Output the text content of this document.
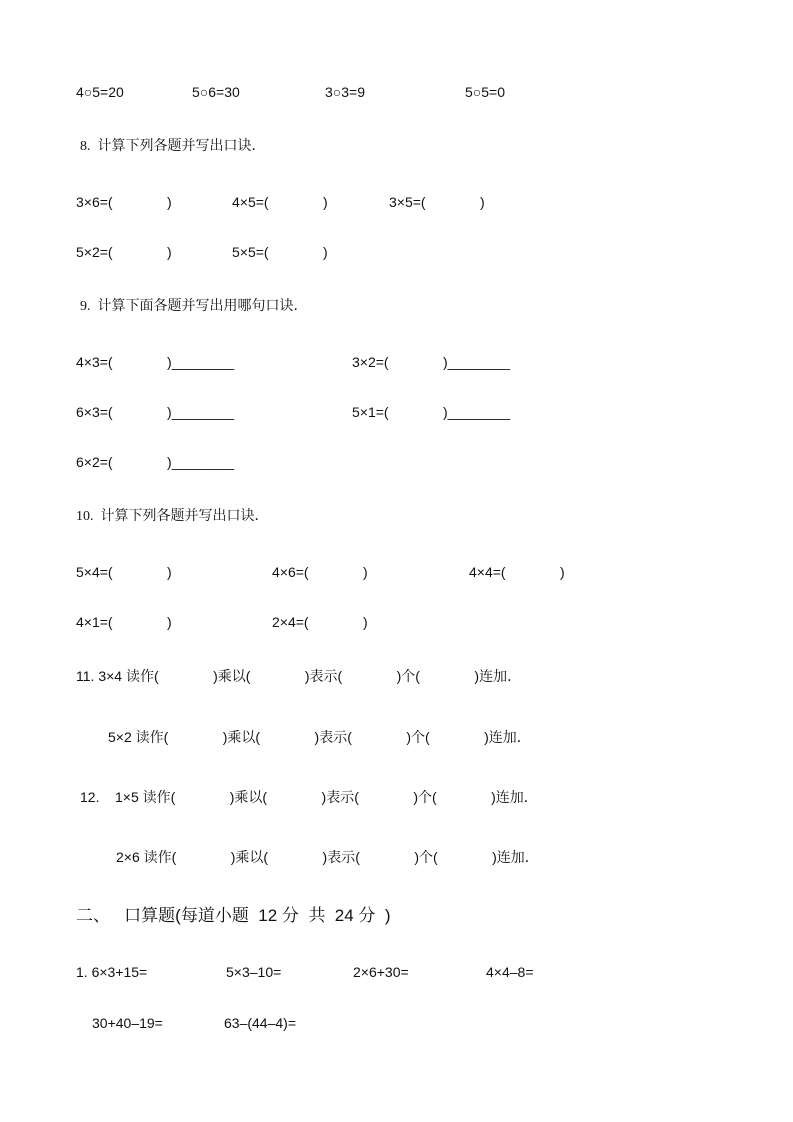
4○5=20	5○6=30	3○3=9	5○5=0
8.  计算下列各题并写出口诀．
3×6=(              )	4×5=(              )	3×5=(              )
5×2=(              )	5×5=(              )
9.  计算下面各题并写出用哪句口诀．
4×3=(              )________	3×2=(              )________
6×3=(              )________	5×1=(              )________
6×2=(              )________
10.  计算下列各题并写出口诀．
5×4=(              )	4×6=(              )	4×4=(              )
4×1=(              )	2×4=(              )
11. 3×4 读作(              )乘以(              )表示(              )个(              )连加．
5×2 读作(              )乘以(              )表示(              )个(              )连加．
12.    1×5 读作(              )乘以(              )表示(              )个(              )连加．
2×6 读作(              )乘以(              )表示(              )个(              )连加．
二、   口算题(每道小题  12 分  共  24 分  )
1. 6×3+15=	5×3–10=	2×6+30=	4×4–8=
30+40–19=	63–(44–4)=
